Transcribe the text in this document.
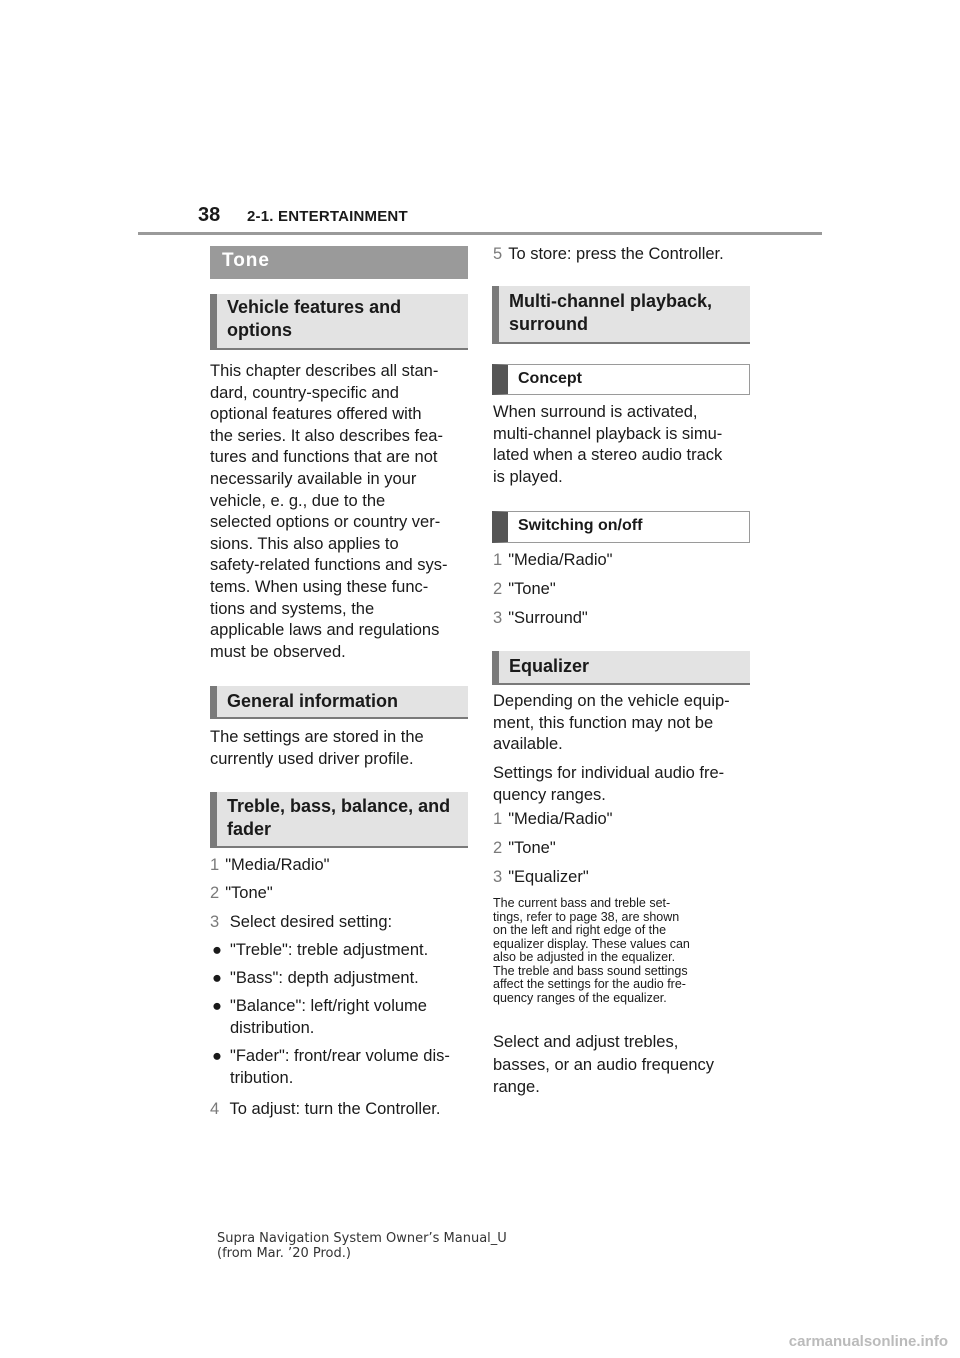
38 2-1. ENTERTAINMENT
Tone
Vehicle features and options
This chapter describes all stan-
dard, country-specific and
optional features offered with
the series. It also describes fea-
tures and functions that are not
necessarily available in your
vehicle, e. g., due to the
selected options or country ver-
sions. This also applies to
safety-related functions and sys-
tems. When using these func-
tions and systems, the
applicable laws and regulations
must be observed.
General information
The settings are stored in the
currently used driver profile.
Treble, bass, balance, and
fader
1 "Media/Radio"
2 "Tone"
3 Select desired setting:
● "Treble": treble adjustment.
● "Bass": depth adjustment.
● "Balance": left/right volume
distribution.
● "Fader": front/rear volume dis-
tribution.
4 To adjust: turn the Controller.
5 To store: press the Controller.
Multi-channel playback,
surround
Concept
When surround is activated,
multi-channel playback is simu-
lated when a stereo audio track
is played.
Switching on/off
1 "Media/Radio"
2 "Tone"
3 "Surround"
Equalizer
Depending on the vehicle equip-
ment, this function may not be
available.
Settings for individual audio fre-
quency ranges.
1 "Media/Radio"
2 "Tone"
3 "Equalizer"
The current bass and treble set-
tings, refer to page 38, are shown
on the left and right edge of the
equalizer display. These values can
also be adjusted in the equalizer.
The treble and bass sound settings
affect the settings for the audio fre-
quency ranges of the equalizer.
Select and adjust trebles,
basses, or an audio frequency
range.
Supra Navigation System Owner’s Manual_U
(from Mar. ’20 Prod.)
carmanualsonline.info
